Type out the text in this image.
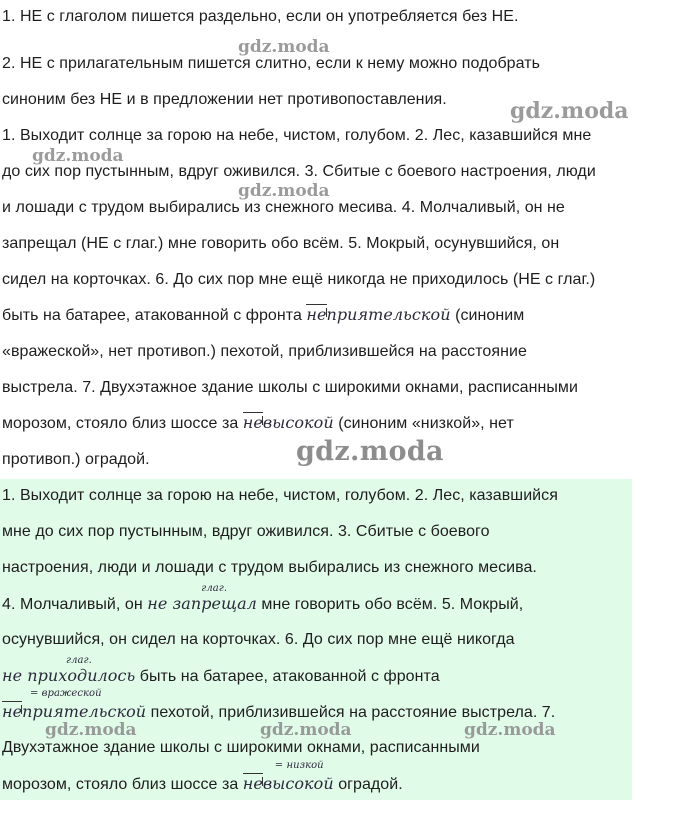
1. НЕ с глаголом пишется раздельно, если он употребляется без НЕ.
2. НЕ с прилагательным пишется слитно, если к нему можно подобрать
синоним без НЕ и в предложении нет противопоставления.
1. Выходит солнце за горою на небе, чистом, голубом. 2. Лес, казавшийся мне
до сих пор пустынным, вдруг оживился. 3. Сбитые с боевого настроения, люди
и лошади с трудом выбирались из снежного месива. 4. Молчаливый, он не
запрещал (НЕ с глаг.) мне говорить обо всём. 5. Мокрый, осунувшийся, он
сидел на корточках. 6. До сих пор мне ещё никогда не приходилось (НЕ с глаг.)
быть на батарее, атакованной с фронта неприятельской (синоним
«вражеской», нет противоп.) пехотой, приблизившейся на расстояние
выстрела. 7. Двухэтажное здание школы с широкими окнами, расписанными
морозом, стояло близ шоссе за невысокой (синоним «низкой», нет
противоп.) оградой.
1. Выходит солнце за горою на небе, чистом, голубом. 2. Лес, казавшийся
мне до сих пор пустынным, вдруг оживился. 3. Сбитые с боевого
настроения, люди и лошади с трудом выбирались из снежного месива.
4. Молчаливый, он не запрещал
глаг.
мне говорить обо всём. 5. Мокрый,
осунувшийся, он сидел на корточках. 6. До сих пор мне ещё никогда
не приходилось
глаг.
быть на батарее, атакованной с фронта
неприятельской
= вражеской
пехотой, приблизившейся на расстояние выстрела. 7.
Двухэтажное здание школы с широкими окнами, расписанными
морозом, стояло близ шоссе за невысокой
= низкой
оградой.
gdz.moda
gdz.moda
gdz.moda
gdz.moda
gdz.moda
gdz.moda	gdz.moda	gdz.moda
